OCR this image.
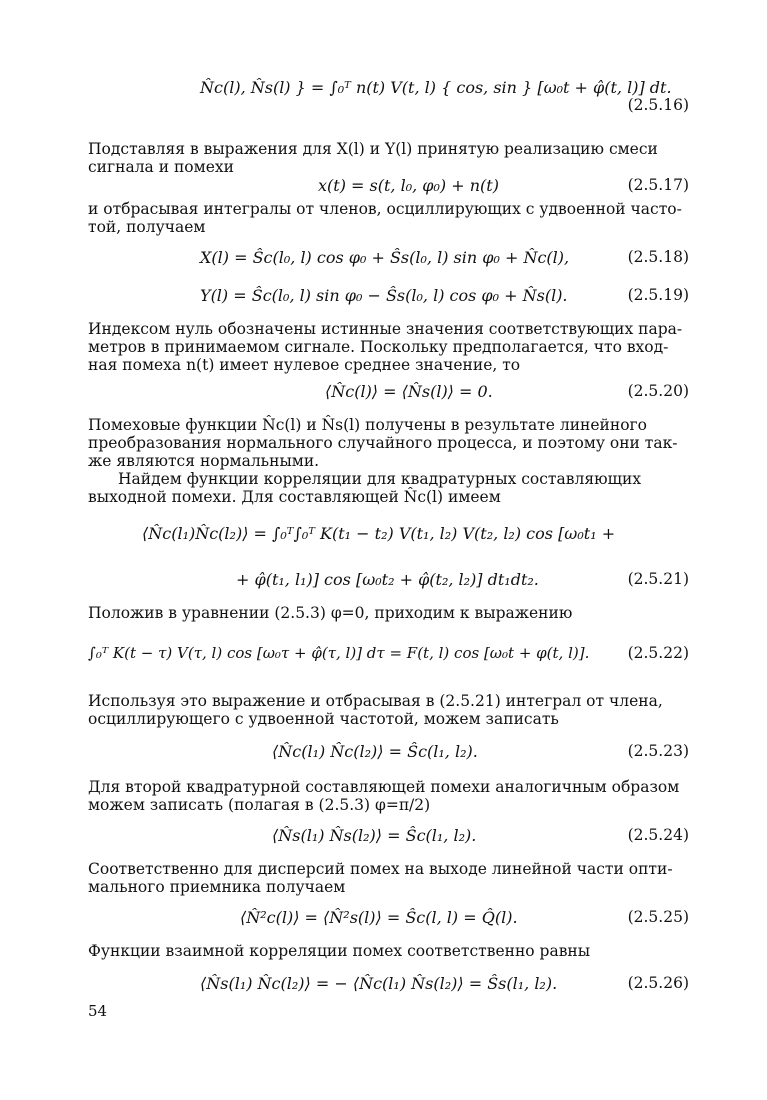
N̂c(l), N̂s(l) } = ∫₀ᵀ n(t) V(t, l) { cos, sin } [ω₀t + φ̂(t, l)] dt.
(2.5.16)
Подставляя в выражения для X(l) и Y(l) принятую реализацию смеси
сигнала и помехи
x(t) = s(t, l₀, φ₀) + n(t)	(2.5.17)
и отбрасывая интегралы от членов, осциллирующих с удвоенной часто-
той, получаем
X(l) = Ŝc(l₀, l) cos φ₀ + Ŝs(l₀, l) sin φ₀ + N̂c(l),	(2.5.18)
Y(l) = Ŝc(l₀, l) sin φ₀ − Ŝs(l₀, l) cos φ₀ + N̂s(l).	(2.5.19)
Индексом нуль обозначены истинные значения соответствующих пара-
метров в принимаемом сигнале. Поскольку предполагается, что вход-
ная помеха n(t) имеет нулевое среднее значение, то
⟨N̂c(l)⟩ = ⟨N̂s(l)⟩ = 0.	(2.5.20)
Помеховые функции N̂c(l) и N̂s(l) получены в результате линейного
преобразования нормального случайного процесса, и поэтому они так-
же являются нормальными.
Найдем функции корреляции для квадратурных составляющих
выходной помехи. Для составляющей N̂c(l) имеем
⟨N̂c(l₁)N̂c(l₂)⟩ = ∫₀ᵀ∫₀ᵀ K(t₁ − t₂) V(t₁, l₂) V(t₂, l₂) cos [ω₀t₁ +
+ φ̂(t₁, l₁)] cos [ω₀t₂ + φ̂(t₂, l₂)] dt₁dt₂.	(2.5.21)
Положив в уравнении (2.5.3) φ=0, приходим к выражению
∫₀ᵀ K(t − τ) V(τ, l) cos [ω₀τ + φ̂(τ, l)] dτ = F(t, l) cos [ω₀t + φ(t, l)]. (2.5.22)
Используя это выражение и отбрасывая в (2.5.21) интеграл от члена,
осциллирующего с удвоенной частотой, можем записать
⟨N̂c(l₁) N̂c(l₂)⟩ = Ŝc(l₁, l₂).	(2.5.23)
Для второй квадратурной составляющей помехи аналогичным образом
можем записать (полагая в (2.5.3) φ=π/2)
⟨N̂s(l₁) N̂s(l₂)⟩ = Ŝc(l₁, l₂).	(2.5.24)
Соответственно для дисперсий помех на выходе линейной части опти-
мального приемника получаем
⟨N̂²c(l)⟩ = ⟨N̂²s(l)⟩ = Ŝc(l, l) = Q̂(l).	(2.5.25)
Функции взаимной корреляции помех соответственно равны
⟨N̂s(l₁) N̂c(l₂)⟩ = − ⟨N̂c(l₁) N̂s(l₂)⟩ = Ŝs(l₁, l₂).	(2.5.26)
54
